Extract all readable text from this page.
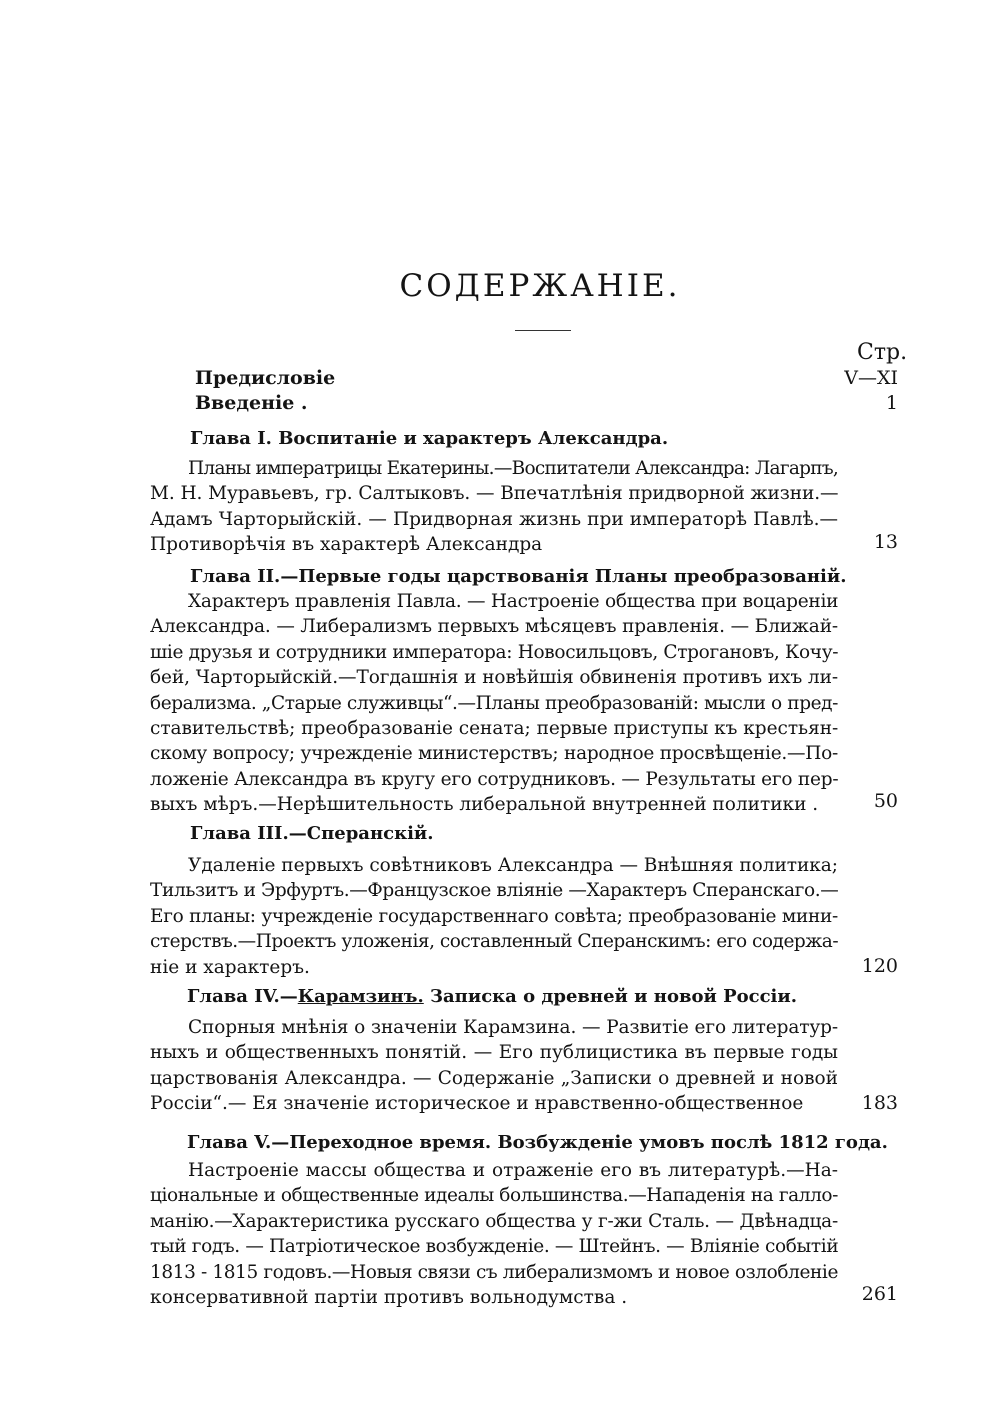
СОДЕРЖАНІЕ.
Стр.
Предисловіе	V—XI
Введеніе .	1
Глава I. Воспитаніе и характеръ Александра.
Планы императрицы Екатерины.—Воспитатели Александра: Лагарпъ,
М. Н. Муравьевъ, гр. Салтыковъ. — Впечатлѣнія придворной жизни.—
Адамъ Чарторыйскій. — Придворная жизнь при императорѣ Павлѣ.—
Противорѣчія въ характерѣ Александра	13
Глава II.—Первые годы царствованія Планы преобразованій.
Характеръ правленія Павла. — Настроеніе общества при воцареніи
Александра. — Либерализмъ первыхъ мѣсяцевъ правленія. — Ближай-
шіе друзья и сотрудники императора: Новосильцовъ, Строгановъ, Кочу-
бей, Чарторыйскій.—Тогдашнія и новѣйшія обвиненія противъ ихъ ли-
берализма. „Старые служивцы“.—Планы преобразованій: мысли о пред-
ставительствѣ; преобразованіе сената; первые приступы къ крестьян-
скому вопросу; учрежденіе министерствъ; народное просвѣщеніе.—По-
ложеніе Александра въ кругу его сотрудниковъ. — Результаты его пер-
выхъ мѣръ.—Нерѣшительность либеральной внутренней политики .	50
Глава III.—Сперанскій.
Удаленіе первыхъ совѣтниковъ Александра — Внѣшняя политика;
Тильзитъ и Эрфуртъ.—Французское вліяніе —Характеръ Сперанскаго.—
Его планы: учрежденіе государственнаго совѣта; преобразованіе мини-
стерствъ.—Проектъ уложенія, составленный Сперанскимъ: его содержа-
ніе и характеръ.	120
Глава IV.—Карамзинъ. Записка о древней и новой Россіи.
Спорныя мнѣнія о значеніи Карамзина. — Развитіе его литератур-
ныхъ и общественныхъ понятій. — Его публицистика въ первые годы
царствованія Александра. — Содержаніе „Записки о древней и новой
Россіи“.— Ея значеніе историческое и нравственно-общественное	183
Глава V.—Переходное время. Возбужденіе умовъ послѣ 1812 года.
Настроеніе массы общества и отраженіе его въ литературѣ.—На-
ціональные и общественные идеалы большинства.—Нападенія на галло-
манію.—Характеристика русскаго общества у г-жи Сталь. — Двѣнадца-
тый годъ. — Патріотическое возбужденіе. — Штейнъ. — Вліяніе событій
1813 - 1815 годовъ.—Новыя связи съ либерализмомъ и новое озлобленіе
консервативной партіи противъ вольнодумства .	261
